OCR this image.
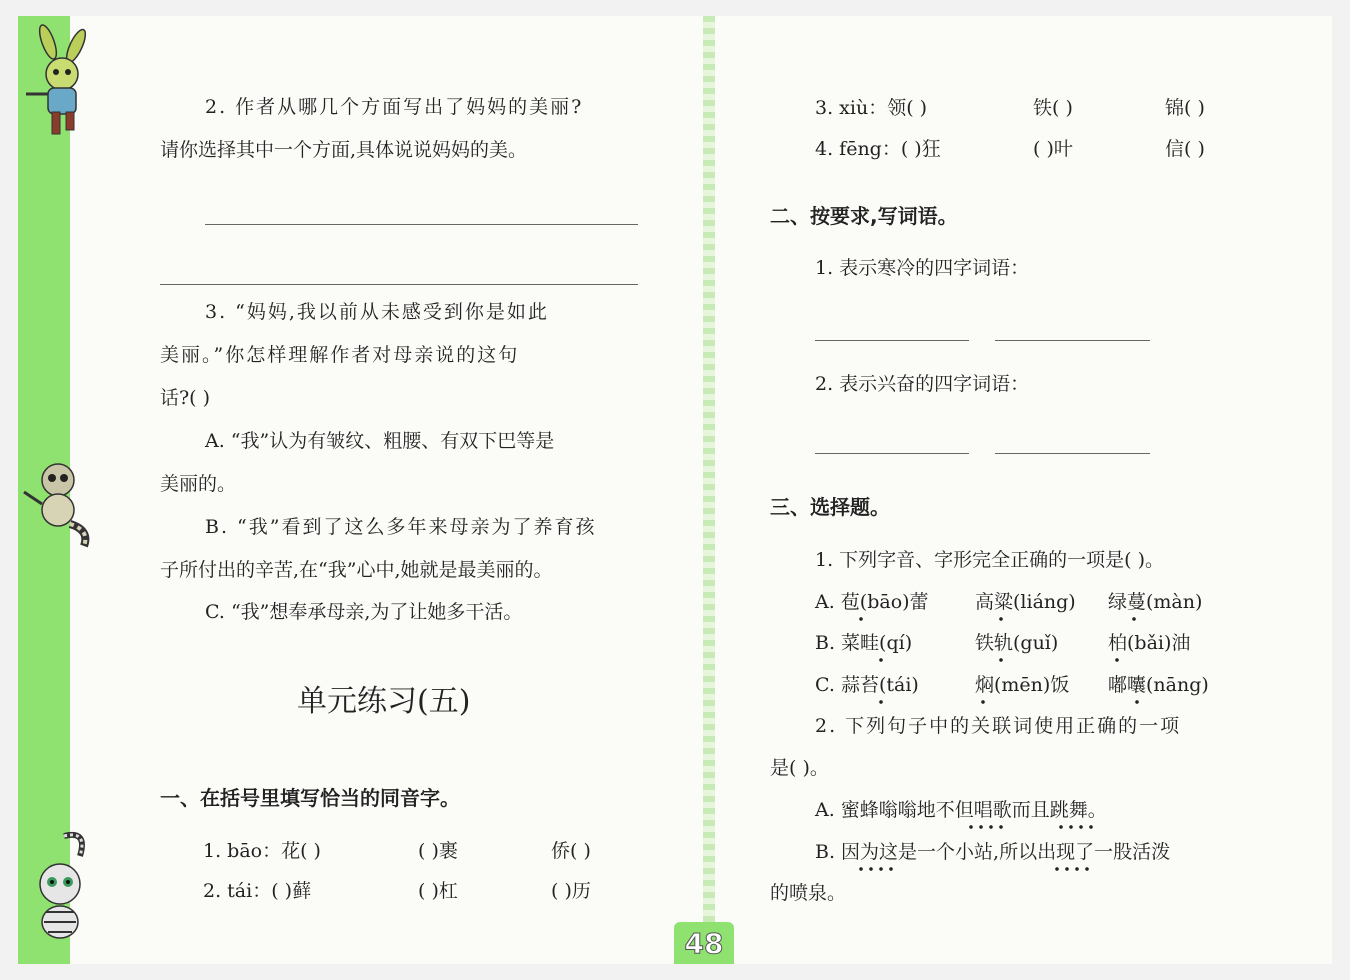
2. 作者从哪几个方面写出了妈妈的美丽?
请你选择其中一个方面,具体说说妈妈的美。
3. “妈妈,我以前从未感受到你是如此
美丽。”你怎样理解作者对母亲说的这句
话?( )
A. “我”认为有皱纹、粗腰、有双下巴等是
美丽的。
B. “我”看到了这么多年来母亲为了养育孩
子所付出的辛苦,在“我”心中,她就是最美丽的。
C. “我”想奉承母亲,为了让她多干活。
单元练习(五)
一、在括号里填写恰当的同音字。
1. bāo：花( )	( )裹	侨( )
2. tái：( )藓	( )杠	( )历
3. xiù：领( )	铁( )	锦( )
4. fēng：( )狂	( )叶	信( )
二、按要求,写词语。
1. 表示寒冷的四字词语：
2. 表示兴奋的四字词语：
三、选择题。
1. 下列字音、字形完全正确的一项是( )。
A. 苞(bāo)蕾 高粱(liáng) 绿蔓(màn)
B. 菜畦(qí)	铁轨(guǐ)	柏(bǎi)油
C. 蒜苔(tái)	焖(mēn)饭 嘟囔(nāng)
2. 下列句子中的关联词使用正确的一项
是( )。
A. 蜜蜂嗡嗡地不但唱歌而且跳舞。
B. 因为这是一个小站,所以出现了一股活泼
的喷泉。
48
